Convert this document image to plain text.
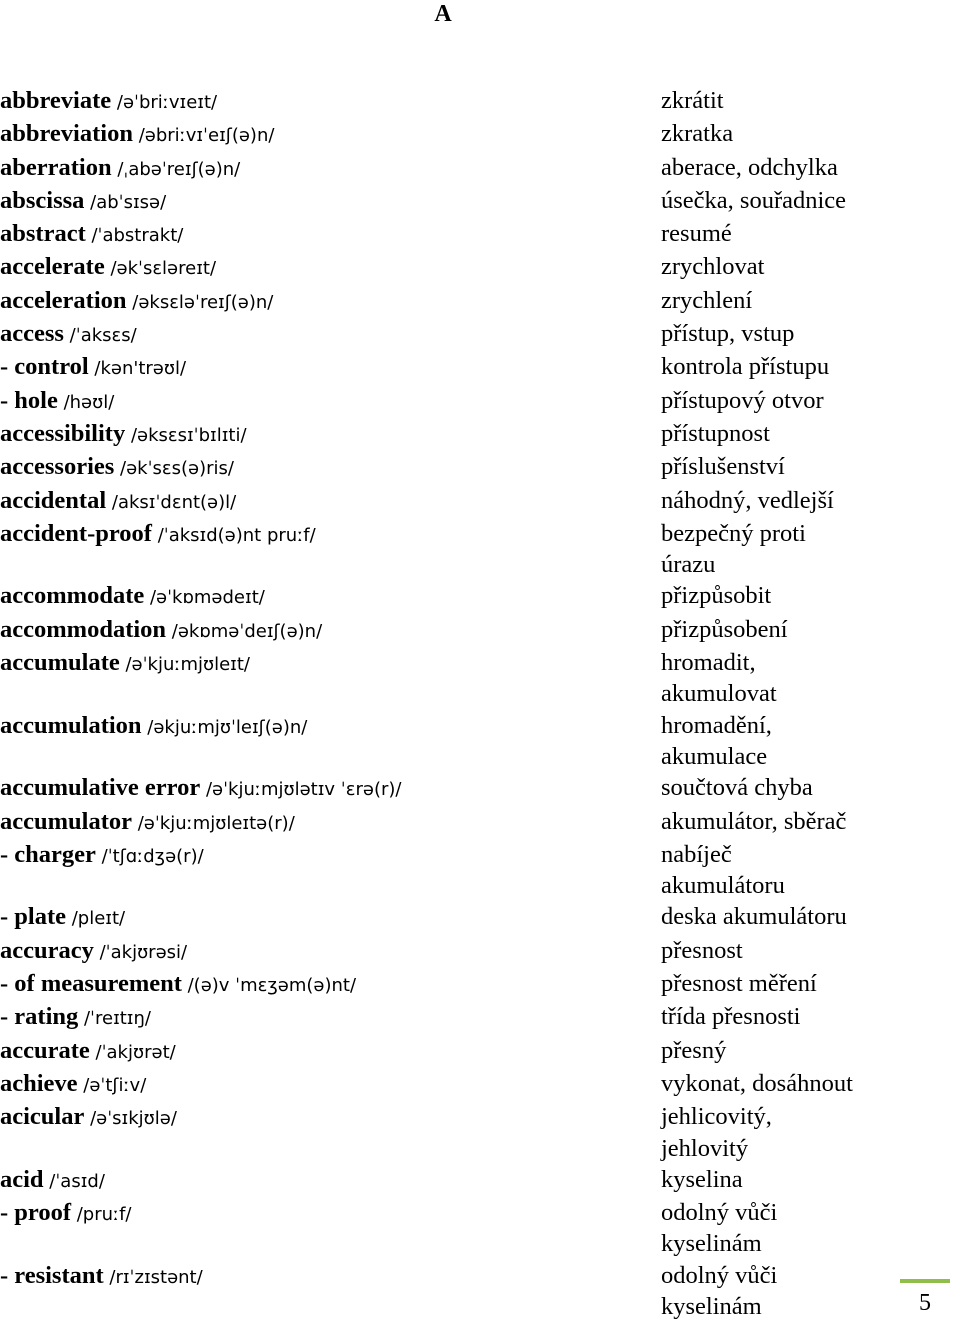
A
abbreviate /əˈbriːvɪeɪt/	zkrátit
abbreviation /əbriːvɪˈeɪʃ(ə)n/	zkratka
aberration /ˌabəˈreɪʃ(ə)n/	aberace, odchylka
abscissa /abˈsɪsə/	úsečka, souřadnice
abstract /ˈabstrakt/	resumé
accelerate /əkˈsɛləreɪt/	zrychlovat
acceleration /əksɛləˈreɪʃ(ə)n/	zrychlení
access /ˈaksɛs/	přístup, vstup
- control /kən'trəʊl/	kontrola přístupu
- hole /həʊl/	přístupový otvor
accessibility /əksɛsɪˈbɪlɪti/	přístupnost
accessories /əkˈsɛs(ə)ris/	příslušenství
accidental /aksɪˈdɛnt(ə)l/	náhodný, vedlejší
accident-proof /ˈaksɪd(ə)nt pruːf/	bezpečný proti
úrazu
accommodate /əˈkɒmədeɪt/	přizpůsobit
accommodation /əkɒməˈdeɪʃ(ə)n/	přizpůsobení
accumulate /əˈkjuːmjʊleɪt/	hromadit,
akumulovat
accumulation /əkjuːmjʊˈleɪʃ(ə)n/	hromadění,
akumulace
accumulative error /əˈkjuːmjʊlətɪv ˈɛrə(r)/	součtová chyba
accumulator /əˈkjuːmjʊleɪtə(r)/	akumulátor, sběrač
- charger /ˈtʃɑːdʒə(r)/	nabíječ
akumulátoru
- plate /pleɪt/	deska akumulátoru
accuracy /ˈakjʊrəsi/	přesnost
- of measurement /(ə)v ˈmɛʒəm(ə)nt/	přesnost měření
- rating /ˈreɪtɪŋ/	třída přesnosti
accurate /ˈakjʊrət/	přesný
achieve /əˈtʃiːv/	vykonat, dosáhnout
acicular /əˈsɪkjʊlə/	jehlicovitý,
jehlovitý
acid /ˈasɪd/	kyselina
- proof /pruːf/	odolný vůči
kyselinám
- resistant /rɪˈzɪstənt/	odolný vůči
kyselinám	5
